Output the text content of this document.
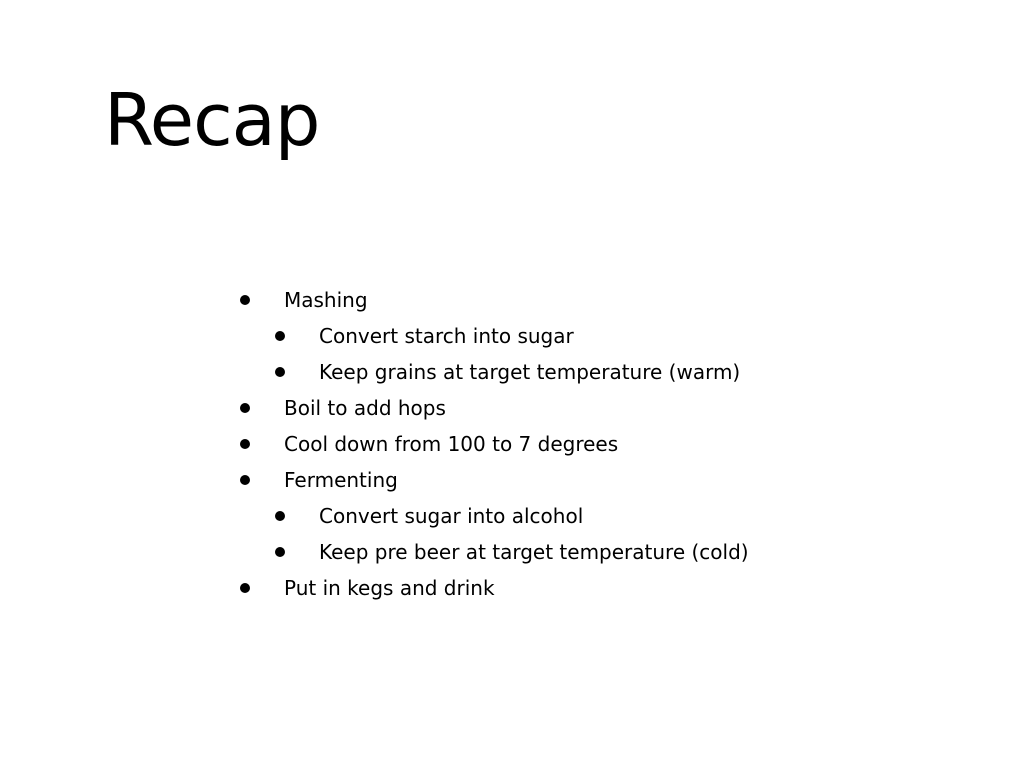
Recap
Mashing
Convert starch into sugar
Keep grains at target temperature (warm)
Boil to add hops
Cool down from 100 to 7 degrees
Fermenting
Convert sugar into alcohol
Keep pre beer at target temperature (cold)
Put in kegs and drink
